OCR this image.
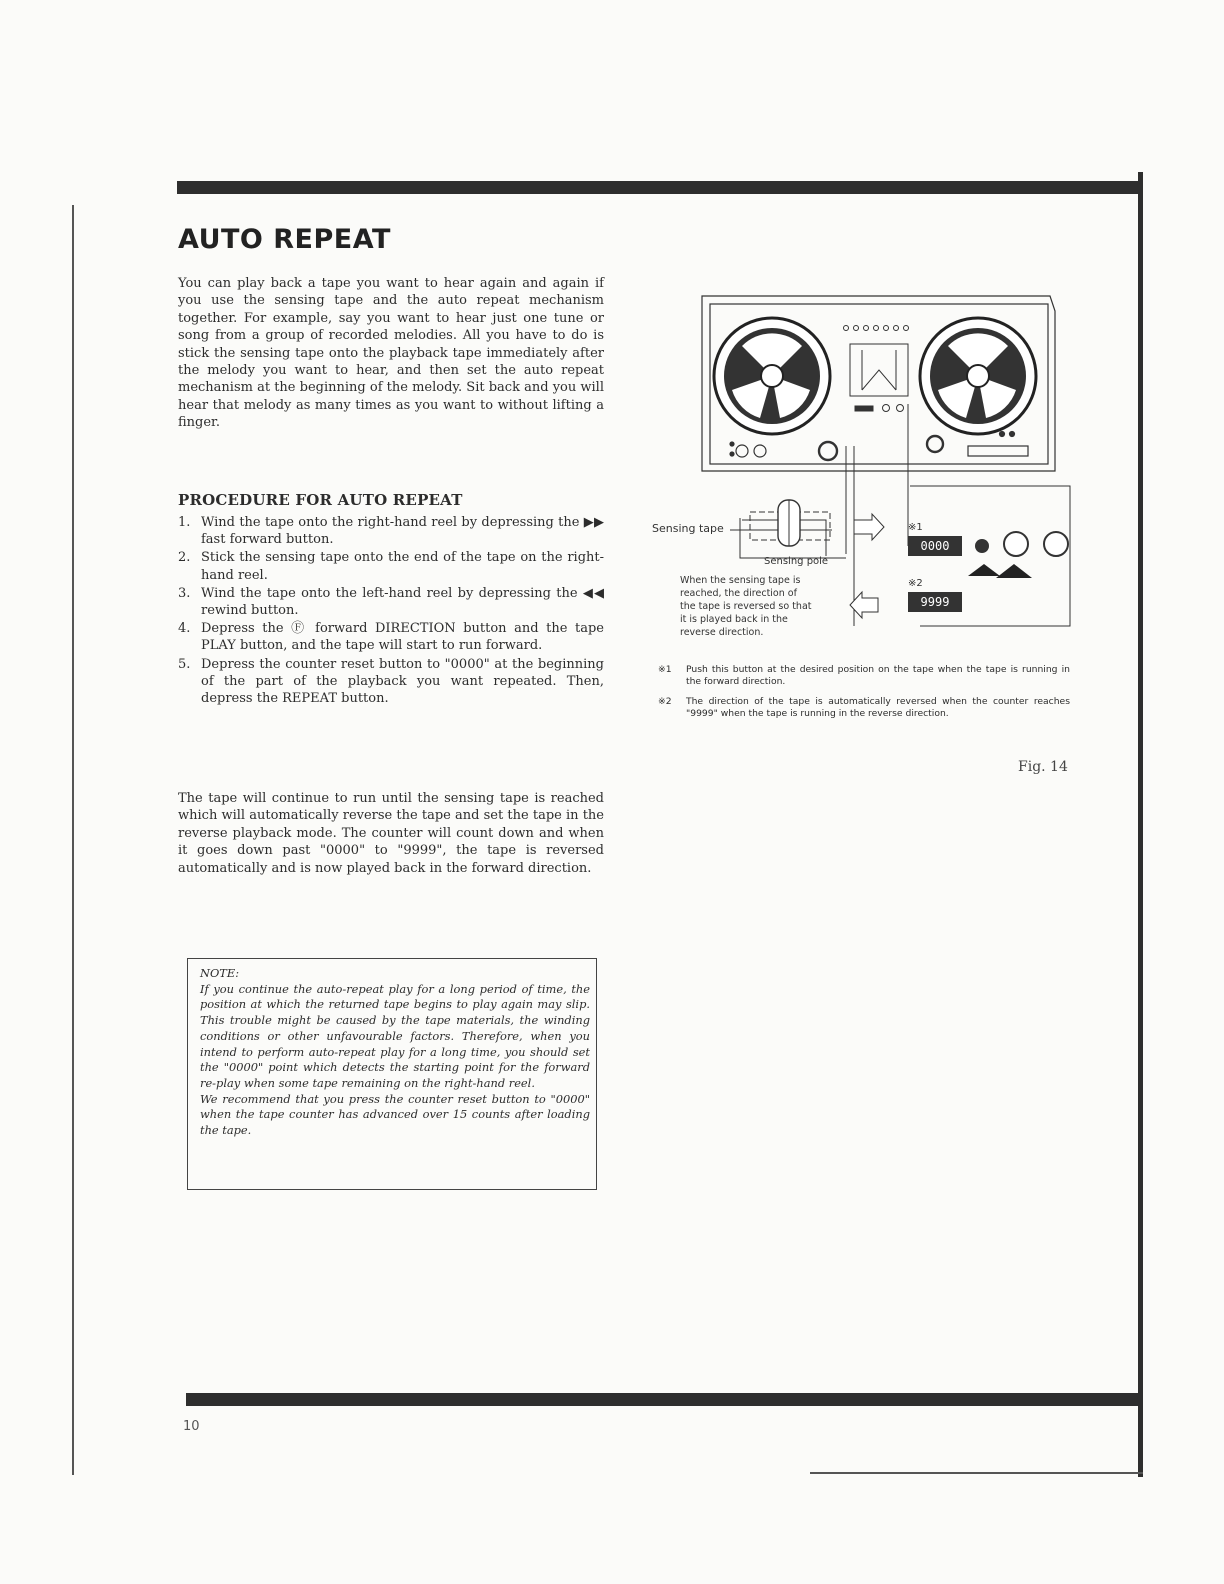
AUTO REPEAT
You can play back a tape you want to hear again and again if you use the sensing tape and the auto repeat mechanism together. For example, say you want to hear just one tune or song from a group of recorded melodies. All you have to do is stick the sensing tape onto the playback tape immediately after the melody you want to hear, and then set the auto repeat mechanism at the beginning of the melody. Sit back and you will hear that melody as many times as you want to without lifting a finger.
PROCEDURE FOR AUTO REPEAT
1. Wind the tape onto the right-hand reel by depressing the ▶▶ fast forward button.
2. Stick the sensing tape onto the end of the tape on the right-hand reel.
3. Wind the tape onto the left-hand reel by depressing the ◀◀ rewind button.
4. Depress the Ⓕ forward DIRECTION button and the tape PLAY button, and the tape will start to run forward.
5. Depress the counter reset button to "0000" at the beginning of the part of the playback you want repeated. Then, depress the REPEAT button.
The tape will continue to run until the sensing tape is reached which will automatically reverse the tape and set the tape in the reverse playback mode. The counter will count down and when it goes down past "0000" to "9999", the tape is reversed automatically and is now played back in the forward direction.
NOTE:
If you continue the auto-repeat play for a long period of time, the position at which the returned tape begins to play again may slip. This trouble might be caused by the tape materials, the winding conditions or other unfavourable factors. Therefore, when you intend to perform auto-repeat play for a long time, you should set the "0000" point which detects the starting point for the forward re-play when some tape remaining on the right-hand reel.
We recommend that you press the counter reset button to "0000" when the tape counter has advanced over 15 counts after loading the tape.
Sensing tape
Sensing pole
When the sensing tape is
reached, the direction of
the tape is reversed so that
it is played back in the
reverse direction.
※1
※2
0000
9999
※1	Push this button at the desired position on the tape when the tape is running in the forward direction.
※2	The direction of the tape is automatically reversed when the counter reaches "9999" when the tape is running in the reverse direction.
Fig. 14
10
